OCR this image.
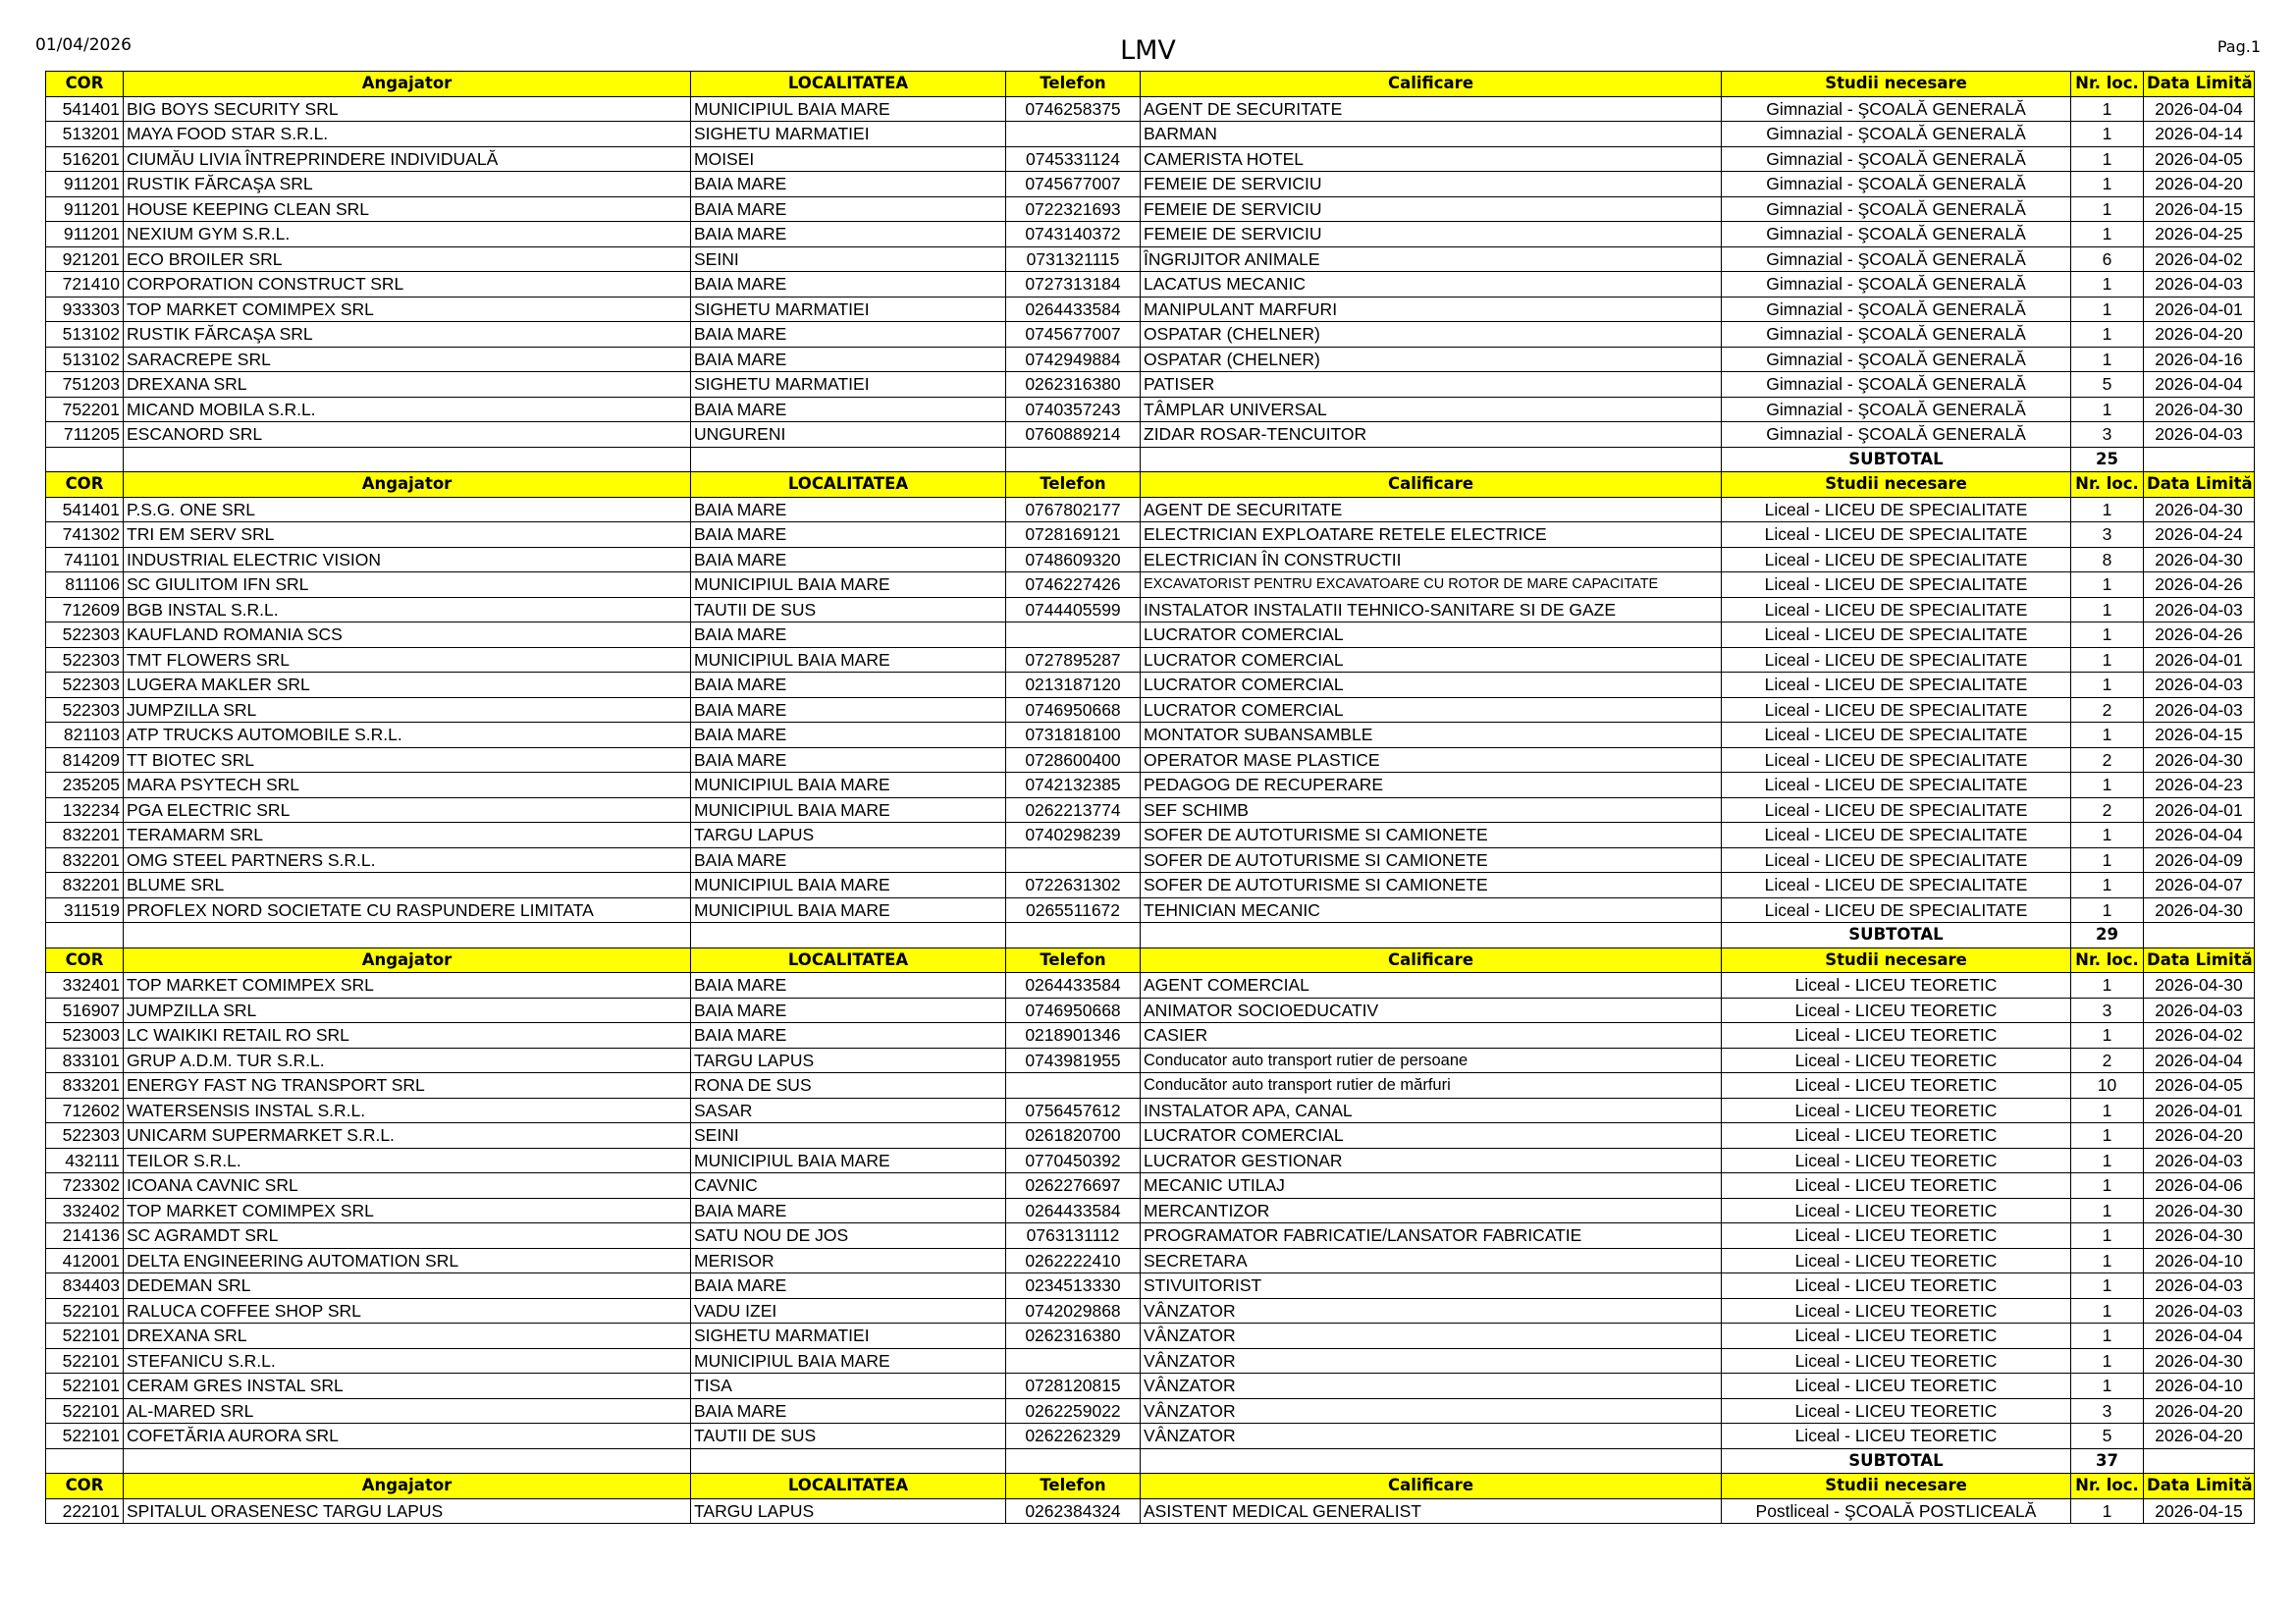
01/04/2026	LMV	Pag.1
COR	Angajator	LOCALITATEA	Telefon	Calificare	Studii necesare	Nr. loc.	Data Limită
541401	BIG BOYS SECURITY SRL	MUNICIPIUL BAIA MARE	0746258375	AGENT DE SECURITATE	Gimnazial - ŞCOALĂ GENERALĂ	1	2026-04-04
513201	MAYA FOOD STAR S.R.L.	SIGHETU MARMATIEI		BARMAN	Gimnazial - ŞCOALĂ GENERALĂ	1	2026-04-14
516201	CIUMĂU LIVIA ÎNTREPRINDERE INDIVIDUALĂ	MOISEI	0745331124	CAMERISTA HOTEL	Gimnazial - ŞCOALĂ GENERALĂ	1	2026-04-05
911201	RUSTIK FĂRCAŞA SRL	BAIA MARE	0745677007	FEMEIE DE SERVICIU	Gimnazial - ŞCOALĂ GENERALĂ	1	2026-04-20
911201	HOUSE KEEPING CLEAN SRL	BAIA MARE	0722321693	FEMEIE DE SERVICIU	Gimnazial - ŞCOALĂ GENERALĂ	1	2026-04-15
911201	NEXIUM GYM S.R.L.	BAIA MARE	0743140372	FEMEIE DE SERVICIU	Gimnazial - ŞCOALĂ GENERALĂ	1	2026-04-25
921201	ECO BROILER SRL	SEINI	0731321115	ÎNGRIJITOR ANIMALE	Gimnazial - ŞCOALĂ GENERALĂ	6	2026-04-02
721410	CORPORATION CONSTRUCT SRL	BAIA MARE	0727313184	LACATUS MECANIC	Gimnazial - ŞCOALĂ GENERALĂ	1	2026-04-03
933303	TOP MARKET COMIMPEX SRL	SIGHETU MARMATIEI	0264433584	MANIPULANT MARFURI	Gimnazial - ŞCOALĂ GENERALĂ	1	2026-04-01
513102	RUSTIK FĂRCAŞA SRL	BAIA MARE	0745677007	OSPATAR (CHELNER)	Gimnazial - ŞCOALĂ GENERALĂ	1	2026-04-20
513102	SARACREPE SRL	BAIA MARE	0742949884	OSPATAR (CHELNER)	Gimnazial - ŞCOALĂ GENERALĂ	1	2026-04-16
751203	DREXANA SRL	SIGHETU MARMATIEI	0262316380	PATISER	Gimnazial - ŞCOALĂ GENERALĂ	5	2026-04-04
752201	MICAND MOBILA S.R.L.	BAIA MARE	0740357243	TÂMPLAR UNIVERSAL	Gimnazial - ŞCOALĂ GENERALĂ	1	2026-04-30
711205	ESCANORD SRL	UNGURENI	0760889214	ZIDAR ROSAR-TENCUITOR	Gimnazial - ŞCOALĂ GENERALĂ	3	2026-04-03
					SUBTOTAL	25	
COR	Angajator	LOCALITATEA	Telefon	Calificare	Studii necesare	Nr. loc.	Data Limită
541401	P.S.G. ONE SRL	BAIA MARE	0767802177	AGENT DE SECURITATE	Liceal - LICEU DE SPECIALITATE	1	2026-04-30
741302	TRI EM SERV SRL	BAIA MARE	0728169121	ELECTRICIAN EXPLOATARE RETELE ELECTRICE	Liceal - LICEU DE SPECIALITATE	3	2026-04-24
741101	INDUSTRIAL ELECTRIC VISION	BAIA MARE	0748609320	ELECTRICIAN ÎN CONSTRUCTII	Liceal - LICEU DE SPECIALITATE	8	2026-04-30
811106	SC GIULITOM IFN SRL	MUNICIPIUL BAIA MARE	0746227426	EXCAVATORIST PENTRU EXCAVATOARE CU ROTOR DE MARE CAPACITATE	Liceal - LICEU DE SPECIALITATE	1	2026-04-26
712609	BGB INSTAL S.R.L.	TAUTII DE SUS	0744405599	INSTALATOR INSTALATII TEHNICO-SANITARE SI DE GAZE	Liceal - LICEU DE SPECIALITATE	1	2026-04-03
522303	KAUFLAND ROMANIA SCS	BAIA MARE		LUCRATOR COMERCIAL	Liceal - LICEU DE SPECIALITATE	1	2026-04-26
522303	TMT FLOWERS SRL	MUNICIPIUL BAIA MARE	0727895287	LUCRATOR COMERCIAL	Liceal - LICEU DE SPECIALITATE	1	2026-04-01
522303	LUGERA MAKLER SRL	BAIA MARE	0213187120	LUCRATOR COMERCIAL	Liceal - LICEU DE SPECIALITATE	1	2026-04-03
522303	JUMPZILLA SRL	BAIA MARE	0746950668	LUCRATOR COMERCIAL	Liceal - LICEU DE SPECIALITATE	2	2026-04-03
821103	ATP TRUCKS AUTOMOBILE S.R.L.	BAIA MARE	0731818100	MONTATOR SUBANSAMBLE	Liceal - LICEU DE SPECIALITATE	1	2026-04-15
814209	TT BIOTEC SRL	BAIA MARE	0728600400	OPERATOR MASE PLASTICE	Liceal - LICEU DE SPECIALITATE	2	2026-04-30
235205	MARA PSYTECH SRL	MUNICIPIUL BAIA MARE	0742132385	PEDAGOG DE RECUPERARE	Liceal - LICEU DE SPECIALITATE	1	2026-04-23
132234	PGA ELECTRIC SRL	MUNICIPIUL BAIA MARE	0262213774	SEF SCHIMB	Liceal - LICEU DE SPECIALITATE	2	2026-04-01
832201	TERAMARM SRL	TARGU LAPUS	0740298239	SOFER DE AUTOTURISME SI CAMIONETE	Liceal - LICEU DE SPECIALITATE	1	2026-04-04
832201	OMG STEEL PARTNERS S.R.L.	BAIA MARE		SOFER DE AUTOTURISME SI CAMIONETE	Liceal - LICEU DE SPECIALITATE	1	2026-04-09
832201	BLUME SRL	MUNICIPIUL BAIA MARE	0722631302	SOFER DE AUTOTURISME SI CAMIONETE	Liceal - LICEU DE SPECIALITATE	1	2026-04-07
311519	PROFLEX NORD SOCIETATE CU RASPUNDERE LIMITATA	MUNICIPIUL BAIA MARE	0265511672	TEHNICIAN MECANIC	Liceal - LICEU DE SPECIALITATE	1	2026-04-30
					SUBTOTAL	29	
COR	Angajator	LOCALITATEA	Telefon	Calificare	Studii necesare	Nr. loc.	Data Limită
332401	TOP MARKET COMIMPEX SRL	BAIA MARE	0264433584	AGENT COMERCIAL	Liceal - LICEU TEORETIC	1	2026-04-30
516907	JUMPZILLA SRL	BAIA MARE	0746950668	ANIMATOR SOCIOEDUCATIV	Liceal - LICEU TEORETIC	3	2026-04-03
523003	LC WAIKIKI RETAIL RO SRL	BAIA MARE	0218901346	CASIER	Liceal - LICEU TEORETIC	1	2026-04-02
833101	GRUP A.D.M. TUR S.R.L.	TARGU LAPUS	0743981955	Conducator auto transport rutier de persoane	Liceal - LICEU TEORETIC	2	2026-04-04
833201	ENERGY FAST NG TRANSPORT SRL	RONA DE SUS		Conducător auto transport rutier de mărfuri	Liceal - LICEU TEORETIC	10	2026-04-05
712602	WATERSENSIS INSTAL S.R.L.	SASAR	0756457612	INSTALATOR APA, CANAL	Liceal - LICEU TEORETIC	1	2026-04-01
522303	UNICARM SUPERMARKET S.R.L.	SEINI	0261820700	LUCRATOR COMERCIAL	Liceal - LICEU TEORETIC	1	2026-04-20
432111	TEILOR S.R.L.	MUNICIPIUL BAIA MARE	0770450392	LUCRATOR GESTIONAR	Liceal - LICEU TEORETIC	1	2026-04-03
723302	ICOANA CAVNIC SRL	CAVNIC	0262276697	MECANIC UTILAJ	Liceal - LICEU TEORETIC	1	2026-04-06
332402	TOP MARKET COMIMPEX SRL	BAIA MARE	0264433584	MERCANTIZOR	Liceal - LICEU TEORETIC	1	2026-04-30
214136	SC AGRAMDT SRL	SATU NOU DE JOS	0763131112	PROGRAMATOR FABRICATIE/LANSATOR FABRICATIE	Liceal - LICEU TEORETIC	1	2026-04-30
412001	DELTA ENGINEERING AUTOMATION SRL	MERISOR	0262222410	SECRETARA	Liceal - LICEU TEORETIC	1	2026-04-10
834403	DEDEMAN SRL	BAIA MARE	0234513330	STIVUITORIST	Liceal - LICEU TEORETIC	1	2026-04-03
522101	RALUCA COFFEE SHOP SRL	VADU IZEI	0742029868	VÂNZATOR	Liceal - LICEU TEORETIC	1	2026-04-03
522101	DREXANA SRL	SIGHETU MARMATIEI	0262316380	VÂNZATOR	Liceal - LICEU TEORETIC	1	2026-04-04
522101	STEFANICU S.R.L.	MUNICIPIUL BAIA MARE		VÂNZATOR	Liceal - LICEU TEORETIC	1	2026-04-30
522101	CERAM GRES INSTAL SRL	TISA	0728120815	VÂNZATOR	Liceal - LICEU TEORETIC	1	2026-04-10
522101	AL-MARED SRL	BAIA MARE	0262259022	VÂNZATOR	Liceal - LICEU TEORETIC	3	2026-04-20
522101	COFETĂRIA AURORA SRL	TAUTII DE SUS	0262262329	VÂNZATOR	Liceal - LICEU TEORETIC	5	2026-04-20
					SUBTOTAL	37	
COR	Angajator	LOCALITATEA	Telefon	Calificare	Studii necesare	Nr. loc.	Data Limită
222101	SPITALUL ORASENESC TARGU LAPUS	TARGU LAPUS	0262384324	ASISTENT MEDICAL GENERALIST	Postliceal - ŞCOALĂ POSTLICEALĂ	1	2026-04-15
